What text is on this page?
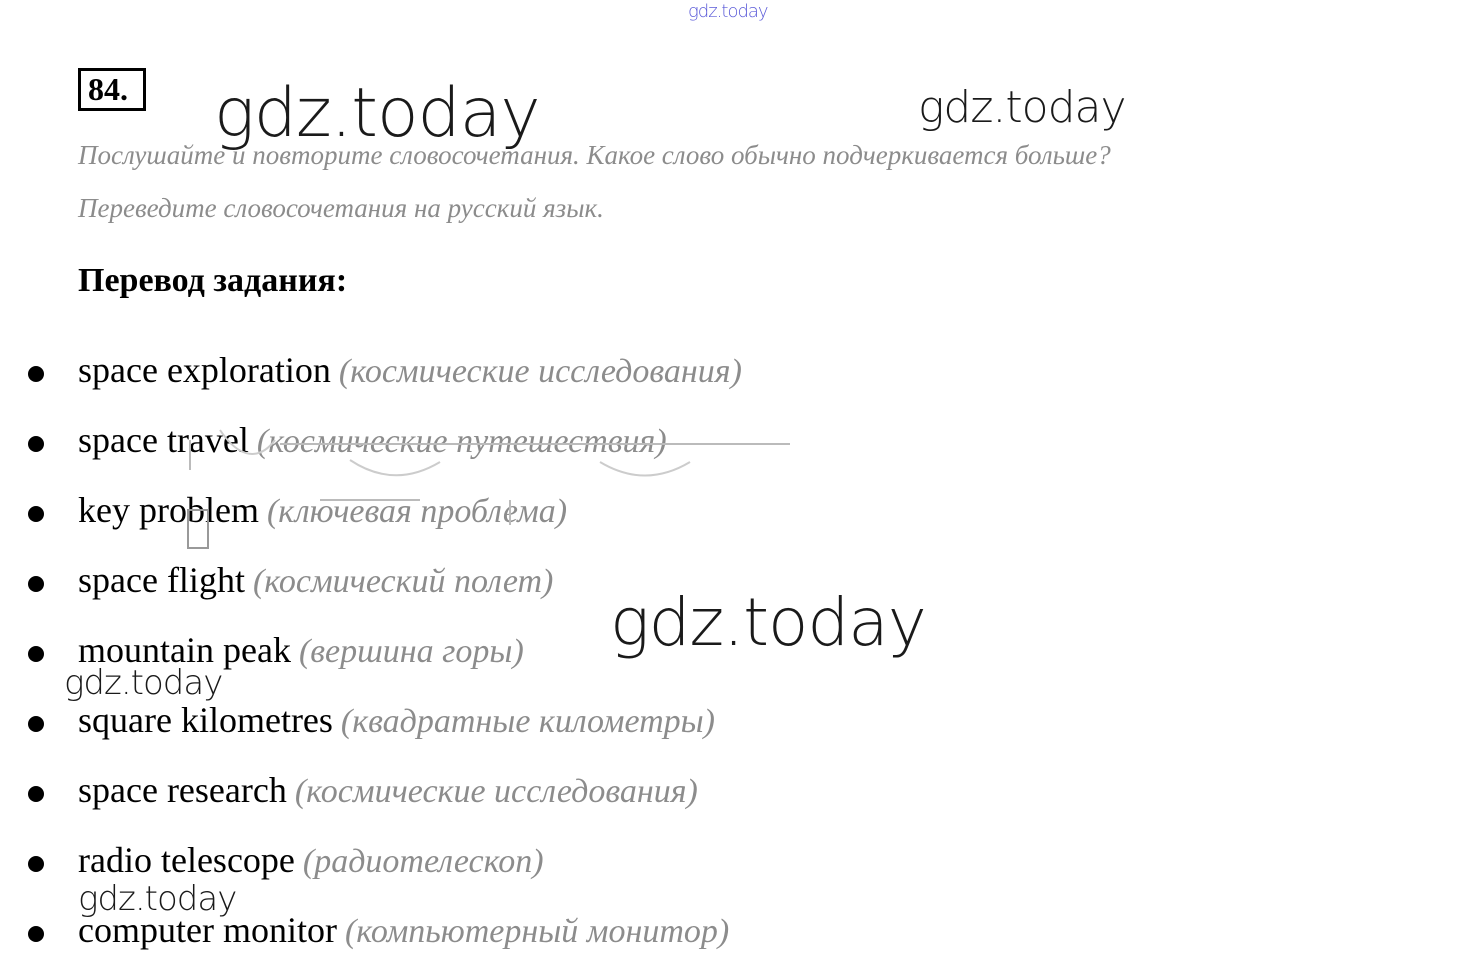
gdz.today
gdz.today	gdz.today
84.
Послушайте и повторите словосочетания. Какое слово обычно подчеркивается больше?
Переведите словосочетания на русский язык.
Перевод задания:
space exploration (космические исследования)
space travel (космические путешествия)
key problem (ключевая проблема)
space flight (космический полет)
mountain peak (вершина горы)
square kilometres (квадратные километры)
space research (космические исследования)
radio telescope (радиотелескоп)
computer monitor (компьютерный монитор)
gdz.today
gdz.today
gdz.today
